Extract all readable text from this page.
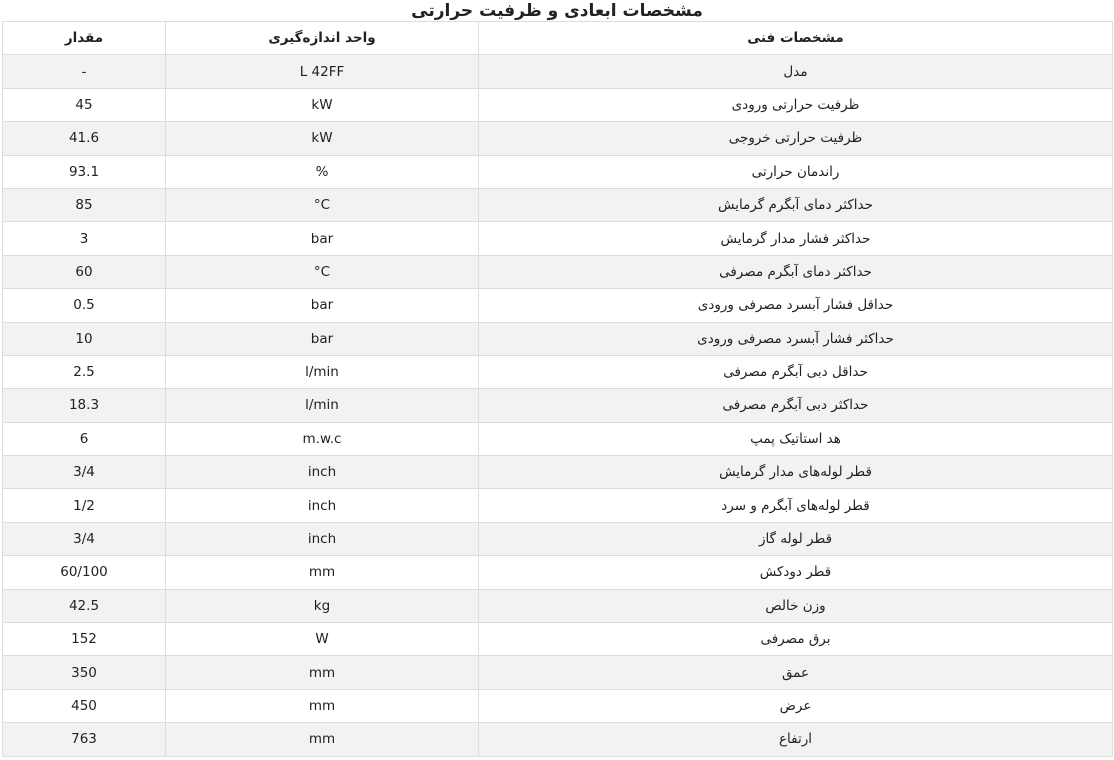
مشخصات ابعادی و ظرفیت حرارتی
مقدار	واحد اندازه‌گیری	مشخصات فنی
-	L 42FF	مدل
45	kW	ظرفیت حرارتی ورودی
41.6	kW	ظرفیت حرارتی خروجی
93.1	%	راندمان حرارتی
85	°C	حداکثر دمای آبگرم گرمایش
3	bar	حداکثر فشار مدار گرمایش
60	°C	حداکثر دمای آبگرم مصرفی
0.5	bar	حداقل فشار آبسرد مصرفی ورودی
10	bar	حداکثر فشار آبسرد مصرفی ورودی
2.5	l/min	حداقل دبی آبگرم مصرفی
18.3	l/min	حداکثر دبی آبگرم مصرفی
6	m.w.c	هد استاتیک پمپ
3/4	inch	قطر لوله‌های مدار گرمایش
1/2	inch	قطر لوله‌های آبگرم و سرد
3/4	inch	قطر لوله گاز
60/100	mm	قطر دودکش
42.5	kg	وزن خالص
152	W	برق مصرفی
350	mm	عمق
450	mm	عرض
763	mm	ارتفاع
